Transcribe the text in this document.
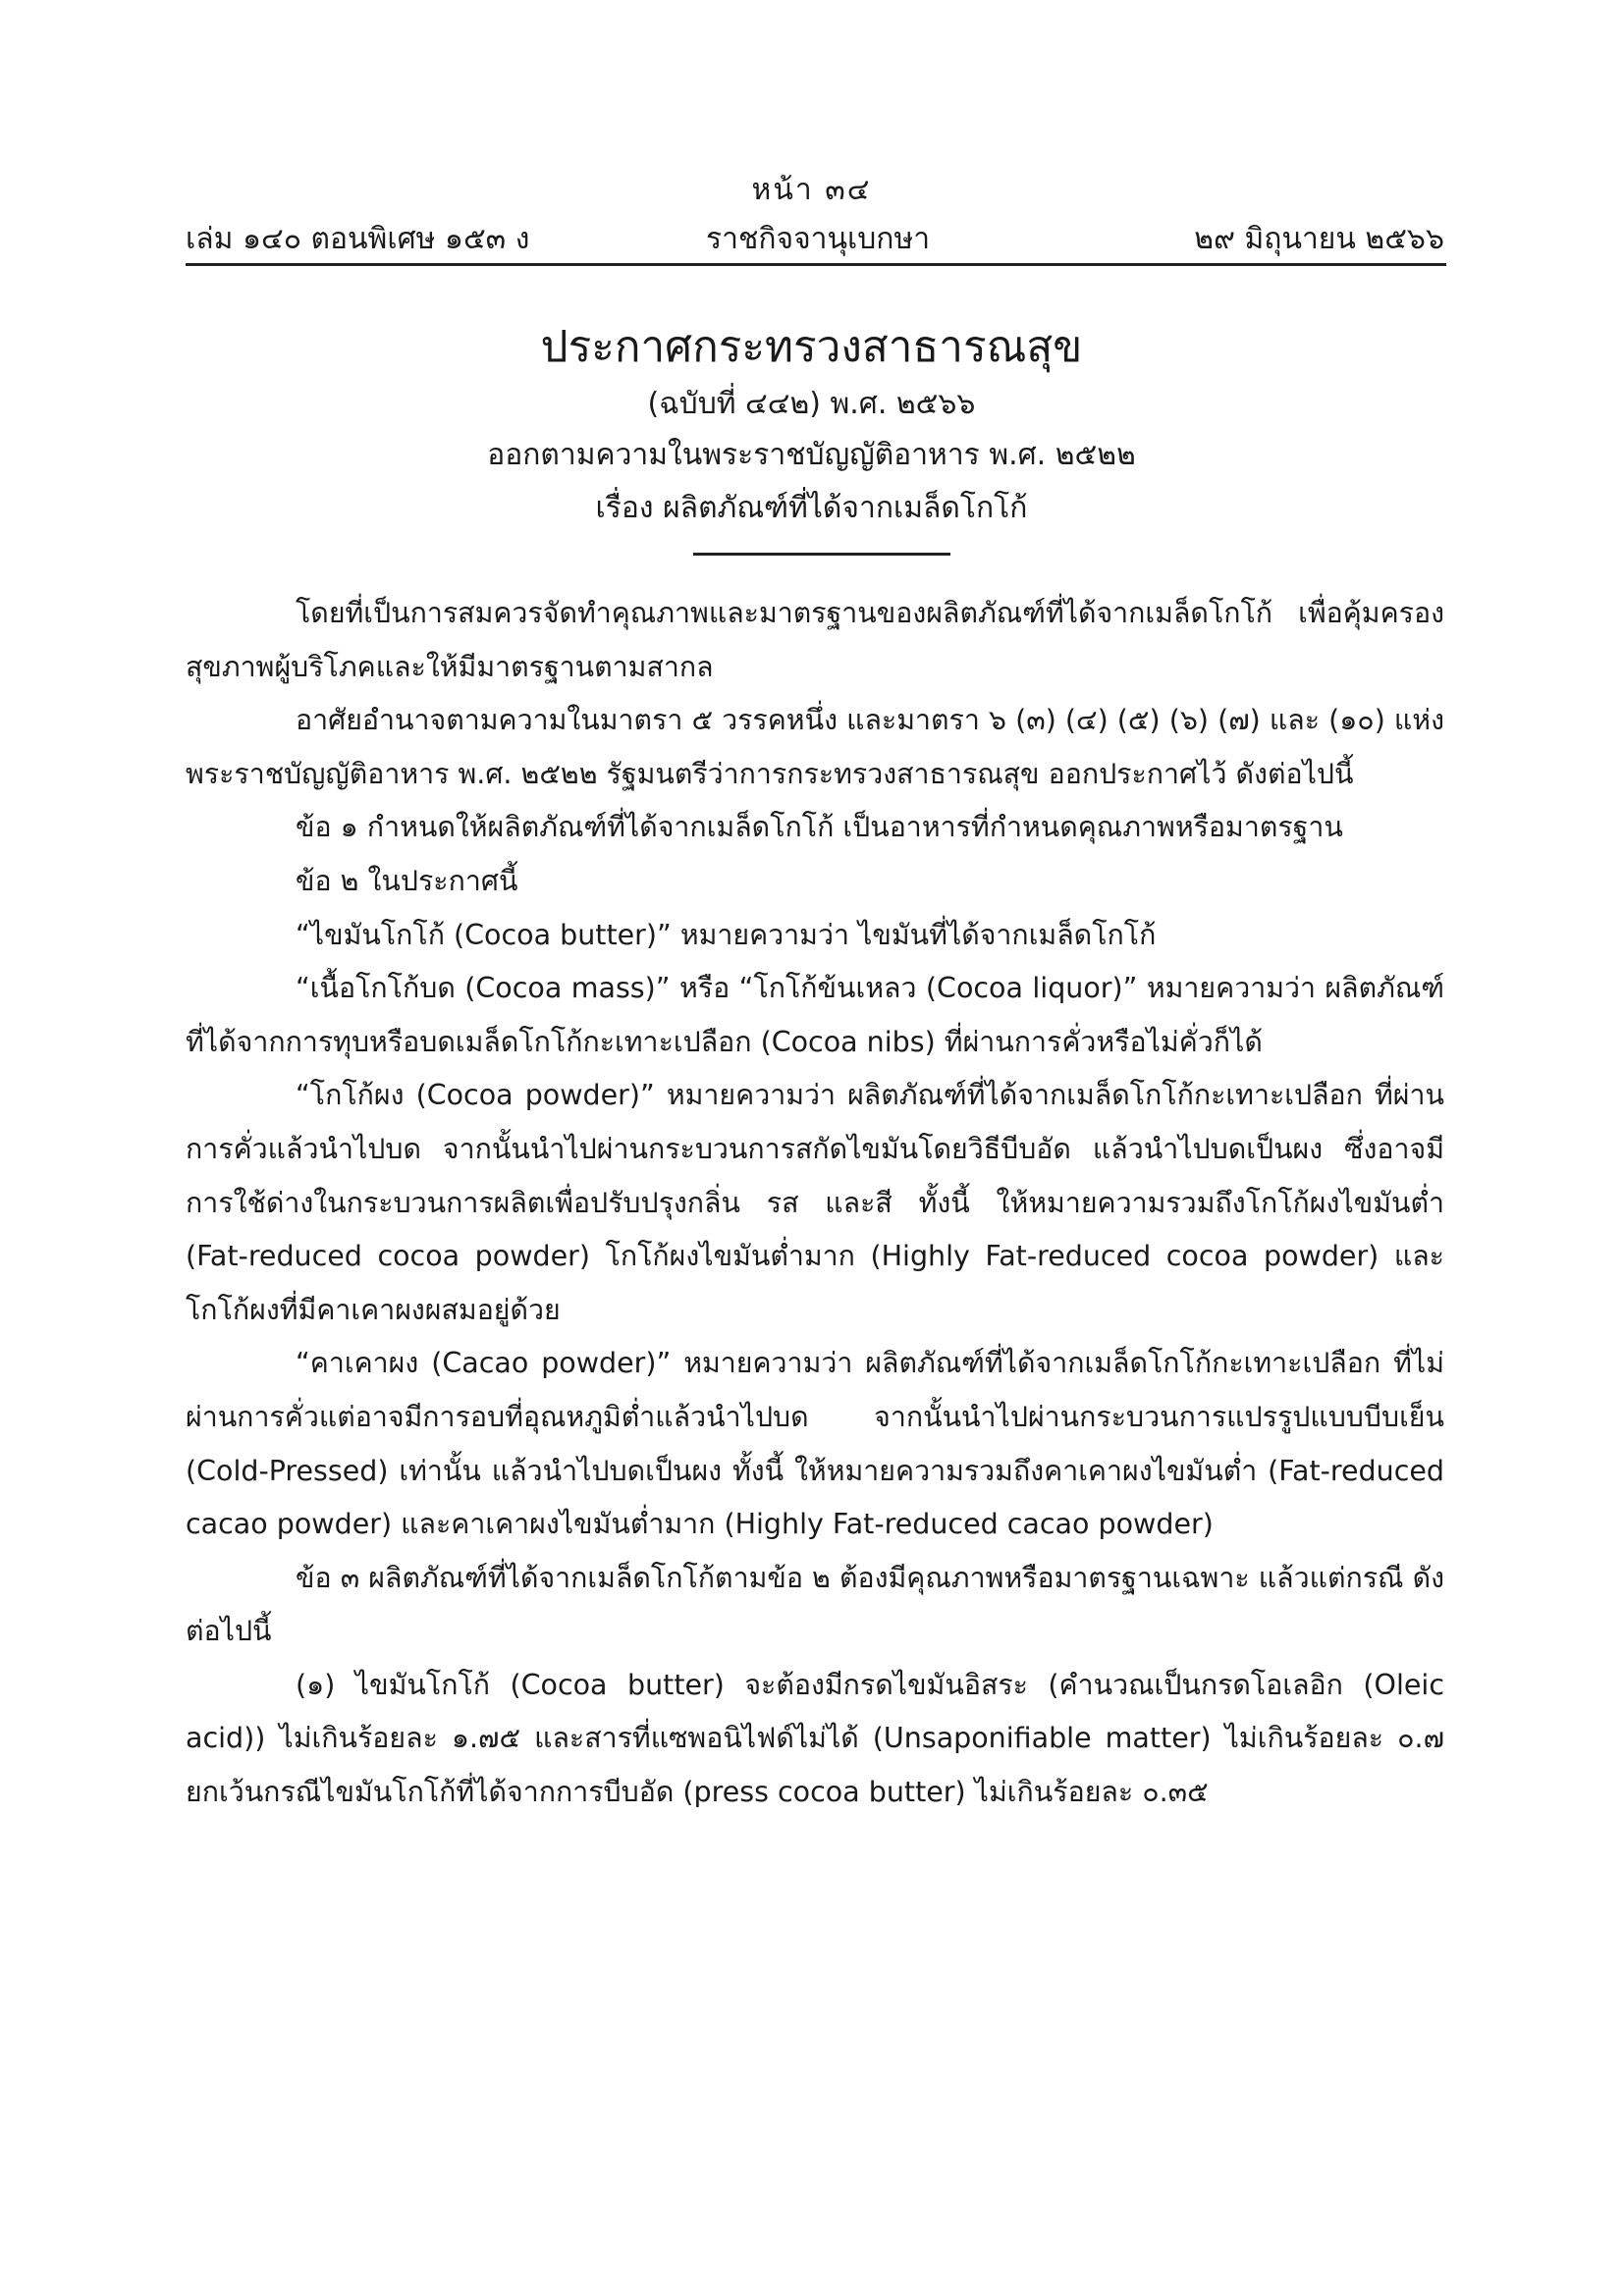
หน้า ๓๔
เล่ม ๑๔๐ ตอนพิเศษ ๑๕๓ ง	ราชกิจจานุเบกษา	๒๙ มิถุนายน ๒๕๖๖
ประกาศกระทรวงสาธารณสุข
(ฉบับที่ ๔๔๒) พ.ศ. ๒๕๖๖
ออกตามความในพระราชบัญญัติอาหาร พ.ศ. ๒๕๒๒
เรื่อง ผลิตภัณฑ์ที่ได้จากเมล็ดโกโก้

โดยที่เป็นการสมควรจัดทำคุณภาพและมาตรฐานของผลิตภัณฑ์ที่ได้จากเมล็ดโกโก้ เพื่อคุ้มครองสุขภาพผู้บริโภคและให้มีมาตรฐานตามสากล

อาศัยอำนาจตามความในมาตรา ๕ วรรคหนึ่ง และมาตรา ๖ (๓) (๔) (๕) (๖) (๗) และ (๑๐) แห่งพระราชบัญญัติอาหาร พ.ศ. ๒๕๒๒ รัฐมนตรีว่าการกระทรวงสาธารณสุข ออกประกาศไว้ ดังต่อไปนี้

ข้อ ๑ กำหนดให้ผลิตภัณฑ์ที่ได้จากเมล็ดโกโก้ เป็นอาหารที่กำหนดคุณภาพหรือมาตรฐาน

ข้อ ๒ ในประกาศนี้

“ไขมันโกโก้ (Cocoa butter)” หมายความว่า ไขมันที่ได้จากเมล็ดโกโก้

“เนื้อโกโก้บด (Cocoa mass)” หรือ “โกโก้ข้นเหลว (Cocoa liquor)” หมายความว่า ผลิตภัณฑ์ที่ได้จากการทุบหรือบดเมล็ดโกโก้กะเทาะเปลือก (Cocoa nibs) ที่ผ่านการคั่วหรือไม่คั่วก็ได้

“โกโก้ผง (Cocoa powder)” หมายความว่า ผลิตภัณฑ์ที่ได้จากเมล็ดโกโก้กะเทาะเปลือก ที่ผ่านการคั่วแล้วนำไปบด จากนั้นนำไปผ่านกระบวนการสกัดไขมันโดยวิธีบีบอัด แล้วนำไปบดเป็นผง ซึ่งอาจมีการใช้ด่างในกระบวนการผลิตเพื่อปรับปรุงกลิ่น รส และสี ทั้งนี้ ให้หมายความรวมถึงโกโก้ผงไขมันต่ำ (Fat-reduced cocoa powder) โกโก้ผงไขมันต่ำมาก (Highly Fat-reduced cocoa powder) และโกโก้ผงที่มีคาเคาผงผสมอยู่ด้วย

“คาเคาผง (Cacao powder)” หมายความว่า ผลิตภัณฑ์ที่ได้จากเมล็ดโกโก้กะเทาะเปลือก ที่ไม่ผ่านการคั่วแต่อาจมีการอบที่อุณหภูมิต่ำแล้วนำไปบด จากนั้นนำไปผ่านกระบวนการแปรรูปแบบบีบเย็น (Cold-Pressed) เท่านั้น แล้วนำไปบดเป็นผง ทั้งนี้ ให้หมายความรวมถึงคาเคาผงไขมันต่ำ (Fat-reduced cacao powder) และคาเคาผงไขมันต่ำมาก (Highly Fat-reduced cacao powder)

ข้อ ๓ ผลิตภัณฑ์ที่ได้จากเมล็ดโกโก้ตามข้อ ๒ ต้องมีคุณภาพหรือมาตรฐานเฉพาะ แล้วแต่กรณี ดังต่อไปนี้

(๑) ไขมันโกโก้ (Cocoa butter) จะต้องมีกรดไขมันอิสระ (คำนวณเป็นกรดโอเลอิก (Oleic acid)) ไม่เกินร้อยละ ๑.๗๕ และสารที่แซพอนิไฟด์ไม่ได้ (Unsaponifiable matter) ไม่เกินร้อยละ ๐.๗ ยกเว้นกรณีไขมันโกโก้ที่ได้จากการบีบอัด (press cocoa butter) ไม่เกินร้อยละ ๐.๓๕
